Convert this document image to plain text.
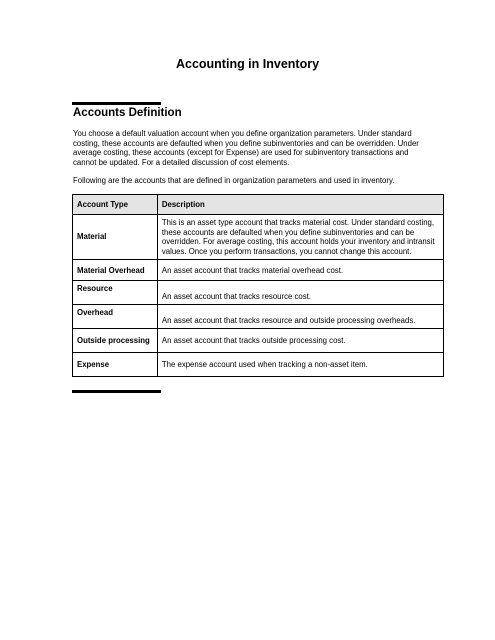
Accounting in Inventory
Accounts Definition
You choose a default valuation account when you define organization parameters. Under standard costing, these accounts are defaulted when you define subinventories and can be overridden. Under average costing, these accounts (except for Expense) are used for subinventory transactions and cannot be updated. For a detailed discussion of cost elements.
Following are the accounts that are defined in organization parameters and used in inventory.
Account Type	Description
Material	This is an asset type account that tracks material cost. Under standard costing, these accounts are defaulted when you define subinventories and can be overridden. For average costing, this account holds your inventory and intransit values. Once you perform transactions, you cannot change this account.
Material Overhead	An asset account that tracks material overhead cost.
Resource	An asset account that tracks resource cost.
Overhead	An asset account that tracks resource and outside processing overheads.
Outside processing	An asset account that tracks outside processing cost.
Expense	The expense account used when tracking a non-asset item.
